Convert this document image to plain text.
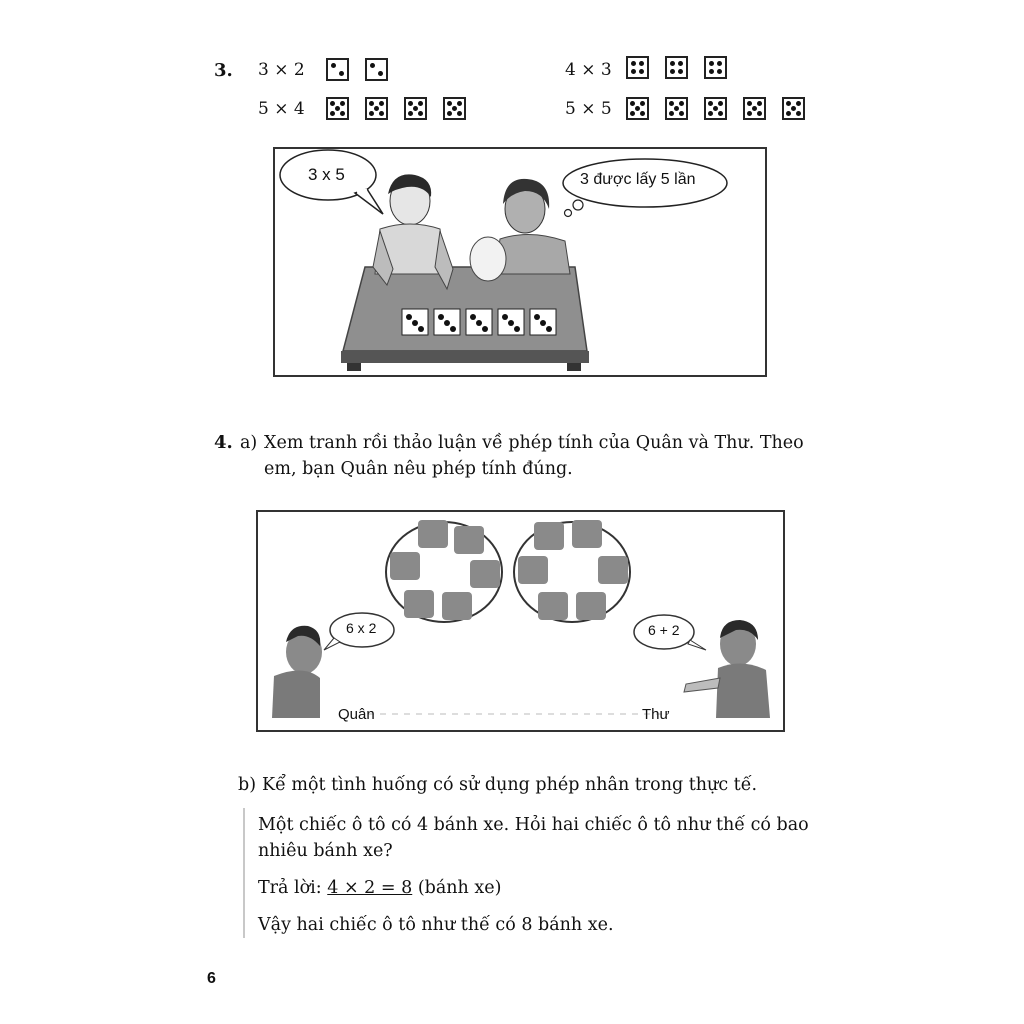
3. 3 × 2	4 × 3
5 × 4	5 × 5
3 x 5	3 được lấy 5 lần
4. a) Xem tranh rồi thảo luận về phép tính của Quân và Thư. Theo
em, bạn Quân nêu phép tính đúng.
6 x 2	6 + 2
Quân	Thư
b) Kể một tình huống có sử dụng phép nhân trong thực tế.
Một chiếc ô tô có 4 bánh xe. Hỏi hai chiếc ô tô như thế có bao
nhiêu bánh xe?
Trả lời: 4 × 2 = 8 (bánh xe)
Vậy hai chiếc ô tô như thế có 8 bánh xe.
6
